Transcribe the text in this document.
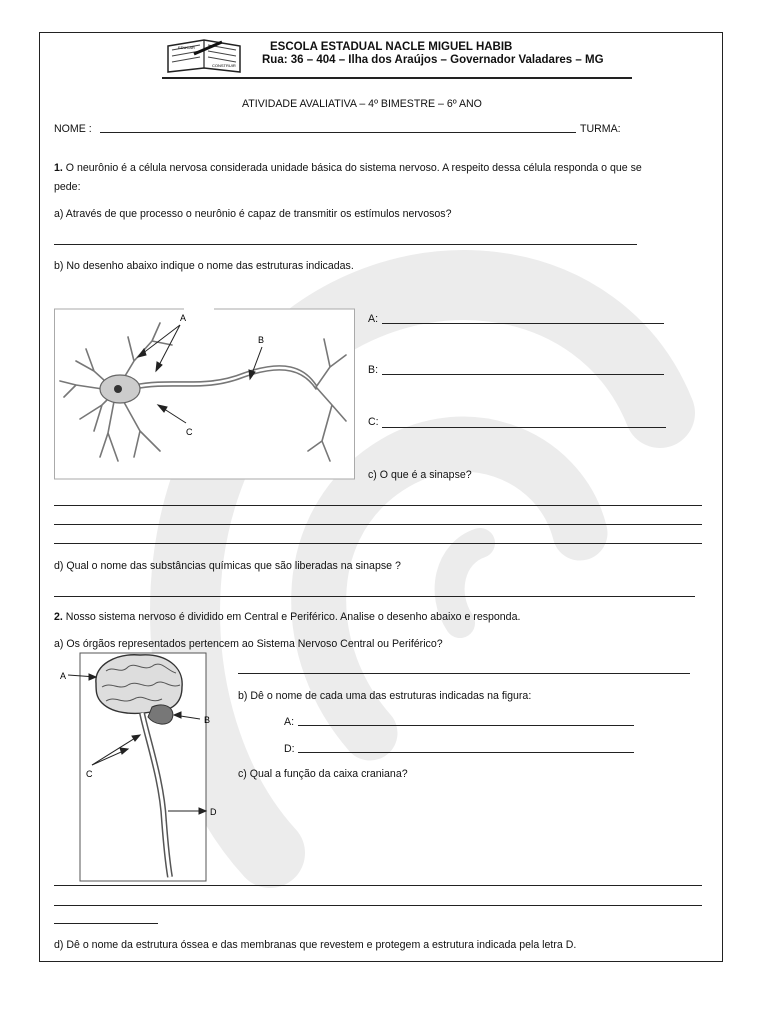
EDUCAR
CONSTRUIR
ESCOLA ESTADUAL NACLE MIGUEL HABIB
Rua: 36 – 404 – Ilha dos Araújos – Governador Valadares – MG
ATIVIDADE AVALIATIVA – 4º BIMESTRE – 6º ANO
NOME :	TURMA:
1. O neurônio é a célula nervosa considerada unidade básica do sistema nervoso. A respeito dessa célula responda o que se
pede:
a) Através de que processo o neurônio é capaz de transmitir os estímulos nervosos?
b) No desenho abaixo indique o nome das estruturas indicadas.
A
B
C
A:
B:
C:
c) O que é a sinapse?
d) Qual o nome das substâncias químicas que são liberadas na sinapse ?
2. Nosso sistema nervoso é dividido em Central e Periférico. Analise o desenho abaixo e responda.
a) Os órgãos representados pertencem ao Sistema Nervoso Central ou Periférico?
A
B
C
D
b) Dê o nome de cada uma das estruturas indicadas na figura:
A:
D:
c) Qual a função da caixa craniana?
d) Dê o nome da estrutura óssea e das membranas que revestem e protegem a estrutura indicada pela letra D.
